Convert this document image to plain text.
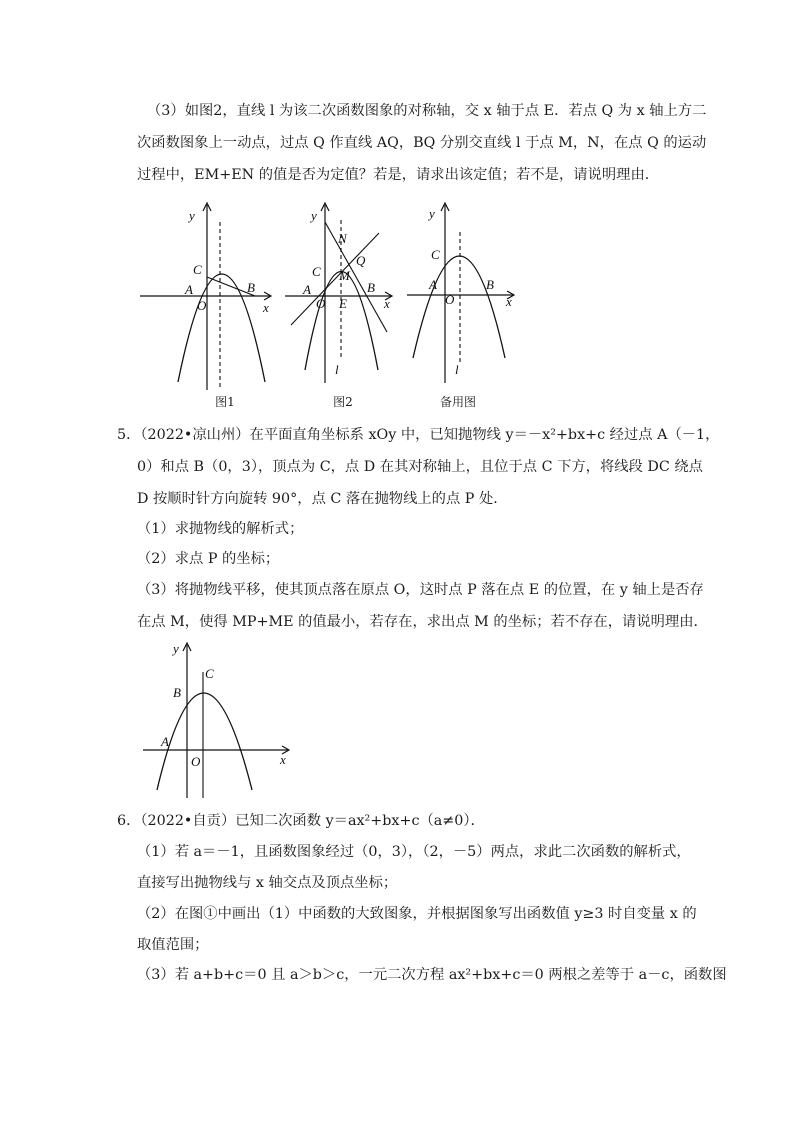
（3）如图2，直线 l 为该二次函数图象的对称轴，交 x 轴于点 E．若点 Q 为 x 轴上方二
次函数图象上一动点，过点 Q 作直线 AQ，BQ 分别交直线 l 于点 M，N，在点 Q 的运动
过程中，EM+EN 的值是否为定值？若是，请求出该定值；若不是，请说明理由．
y
x
C
A
O
B
图1
y
x
N
C M
Q
A
O E
B
l
图2
y
x
C
A
O
B
l
备用图
5．（2022•凉山州）在平面直角坐标系 xOy 中，已知抛物线 y＝－x²+bx+c 经过点 A（－1，
0）和点 B（0，3），顶点为 C，点 D 在其对称轴上，且位于点 C 下方，将线段 DC 绕点
D 按顺时针方向旋转 90°，点 C 落在抛物线上的点 P 处．
（1）求抛物线的解析式；
（2）求点 P 的坐标；
（3）将抛物线平移，使其顶点落在原点 O，这时点 P 落在点 E 的位置，在 y 轴上是否存
在点 M，使得 MP+ME 的值最小，若存在，求出点 M 的坐标；若不存在，请说明理由．
y
x
C
B
A
O
6．（2022•自贡）已知二次函数 y＝ax²+bx+c（a≠0）．
（1）若 a＝－1，且函数图象经过（0，3），（2，－5）两点，求此二次函数的解析式，
直接写出抛物线与 x 轴交点及顶点坐标；
（2）在图①中画出（1）中函数的大致图象，并根据图象写出函数值 y≥3 时自变量 x 的
取值范围；
（3）若 a+b+c＝0 且 a＞b＞c，一元二次方程 ax²+bx+c＝0 两根之差等于 a－c，函数图
